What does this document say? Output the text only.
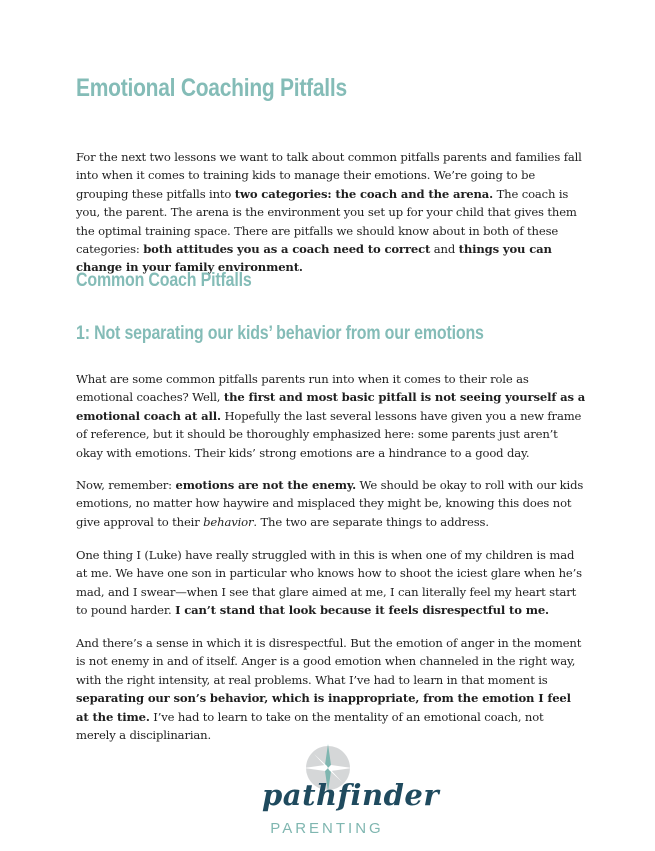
Emotional Coaching Pitfalls

For the next two lessons we want to talk about common pitfalls parents and families fall into when it comes to training kids to manage their emotions. We’re going to be grouping these pitfalls into two categories: the coach and the arena. The coach is you, the parent. The arena is the environment you set up for your child that gives them the optimal training space. There are pitfalls we should know about in both of these categories: both attitudes you as a coach need to correct and things you can change in your family environment.

Common Coach Pitfalls
1: Not separating our kids’ behavior from our emotions

What are some common pitfalls parents run into when it comes to their role as emotional coaches? Well, the first and most basic pitfall is not seeing yourself as a emotional coach at all. Hopefully the last several lessons have given you a new frame of reference, but it should be thoroughly emphasized here: some parents just aren’t okay with emotions. Their kids’ strong emotions are a hindrance to a good day.

Now, remember: emotions are not the enemy. We should be okay to roll with our kids emotions, no matter how haywire and misplaced they might be, knowing this does not give approval to their behavior. The two are separate things to address.

One thing I (Luke) have really struggled with in this is when one of my children is mad at me. We have one son in particular who knows how to shoot the iciest glare when he’s mad, and I swear—when I see that glare aimed at me, I can literally feel my heart start to pound harder. I can’t stand that look because it feels disrespectful to me.

And there’s a sense in which it is disrespectful. But the emotion of anger in the moment is not enemy in and of itself. Anger is a good emotion when channeled in the right way, with the right intensity, at real problems. What I’ve had to learn in that moment is separating our son’s behavior, which is inappropriate, from the emotion I feel at the time. I’ve had to learn to take on the mentality of an emotional coach, not merely a disciplinarian.

pathfinder
PARENTING
